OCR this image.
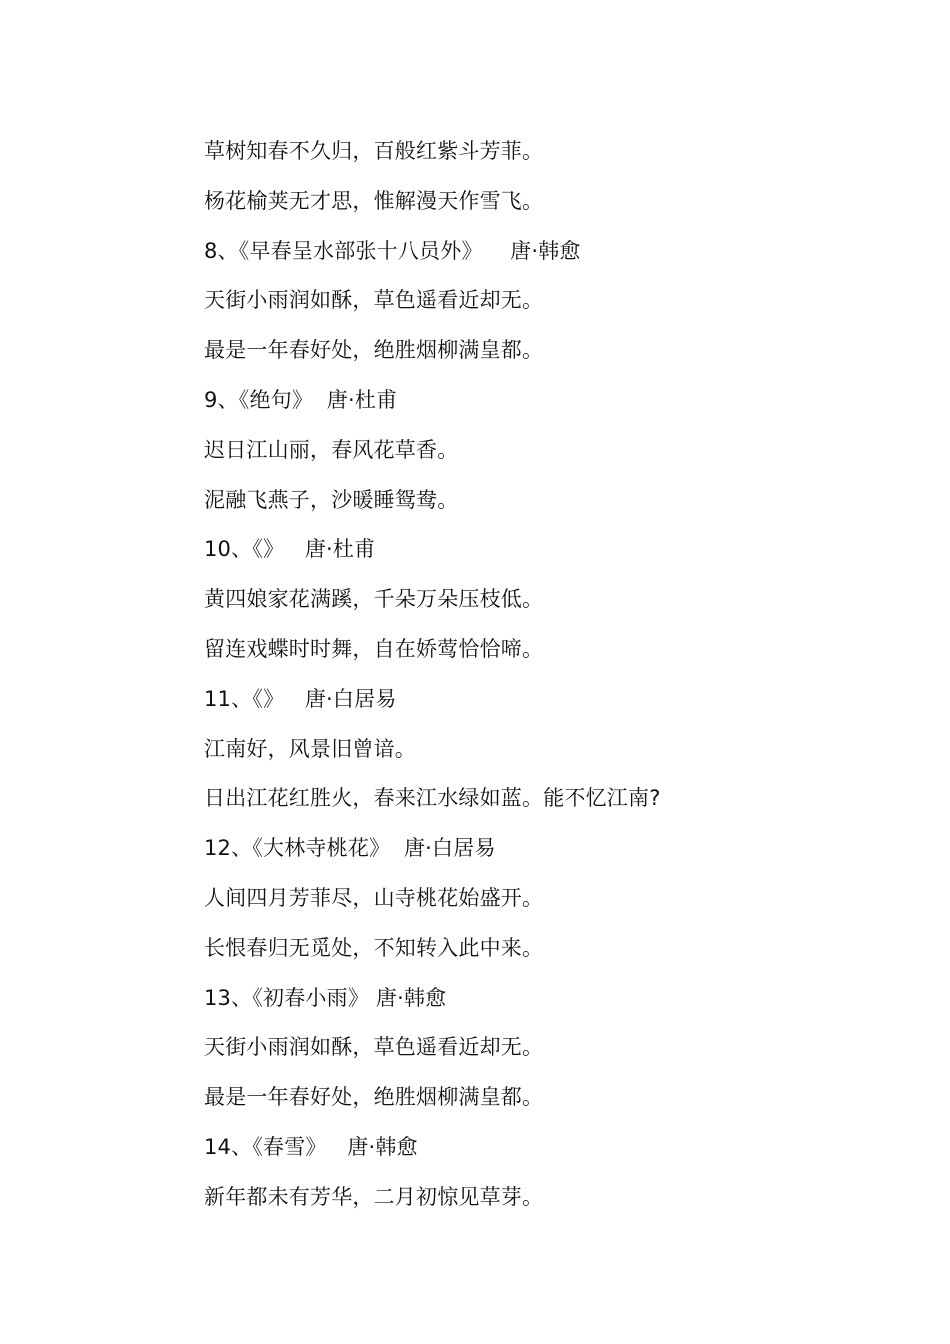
草树知春不久归，百般红紫斗芳菲。
杨花榆荚无才思，惟解漫天作雪飞。
8、《早春呈水部张十八员外》    唐·韩愈
天街小雨润如酥，草色遥看近却无。
最是一年春好处，绝胜烟柳满皇都。
9、《绝句》  唐·杜甫
迟日江山丽，春风花草香。
泥融飞燕子，沙暖睡鸳鸯。
10、《》   唐·杜甫
黄四娘家花满蹊，千朵万朵压枝低。
留连戏蝶时时舞，自在娇莺恰恰啼。
11、《》   唐·白居易
江南好，风景旧曾谙。
日出江花红胜火，春来江水绿如蓝。能不忆江南?
12、《大林寺桃花》  唐·白居易
人间四月芳菲尽，山寺桃花始盛开。
长恨春归无觅处，不知转入此中来。
13、《初春小雨》 唐·韩愈
天街小雨润如酥，草色遥看近却无。
最是一年春好处，绝胜烟柳满皇都。
14、《春雪》   唐·韩愈
新年都未有芳华，二月初惊见草芽。
